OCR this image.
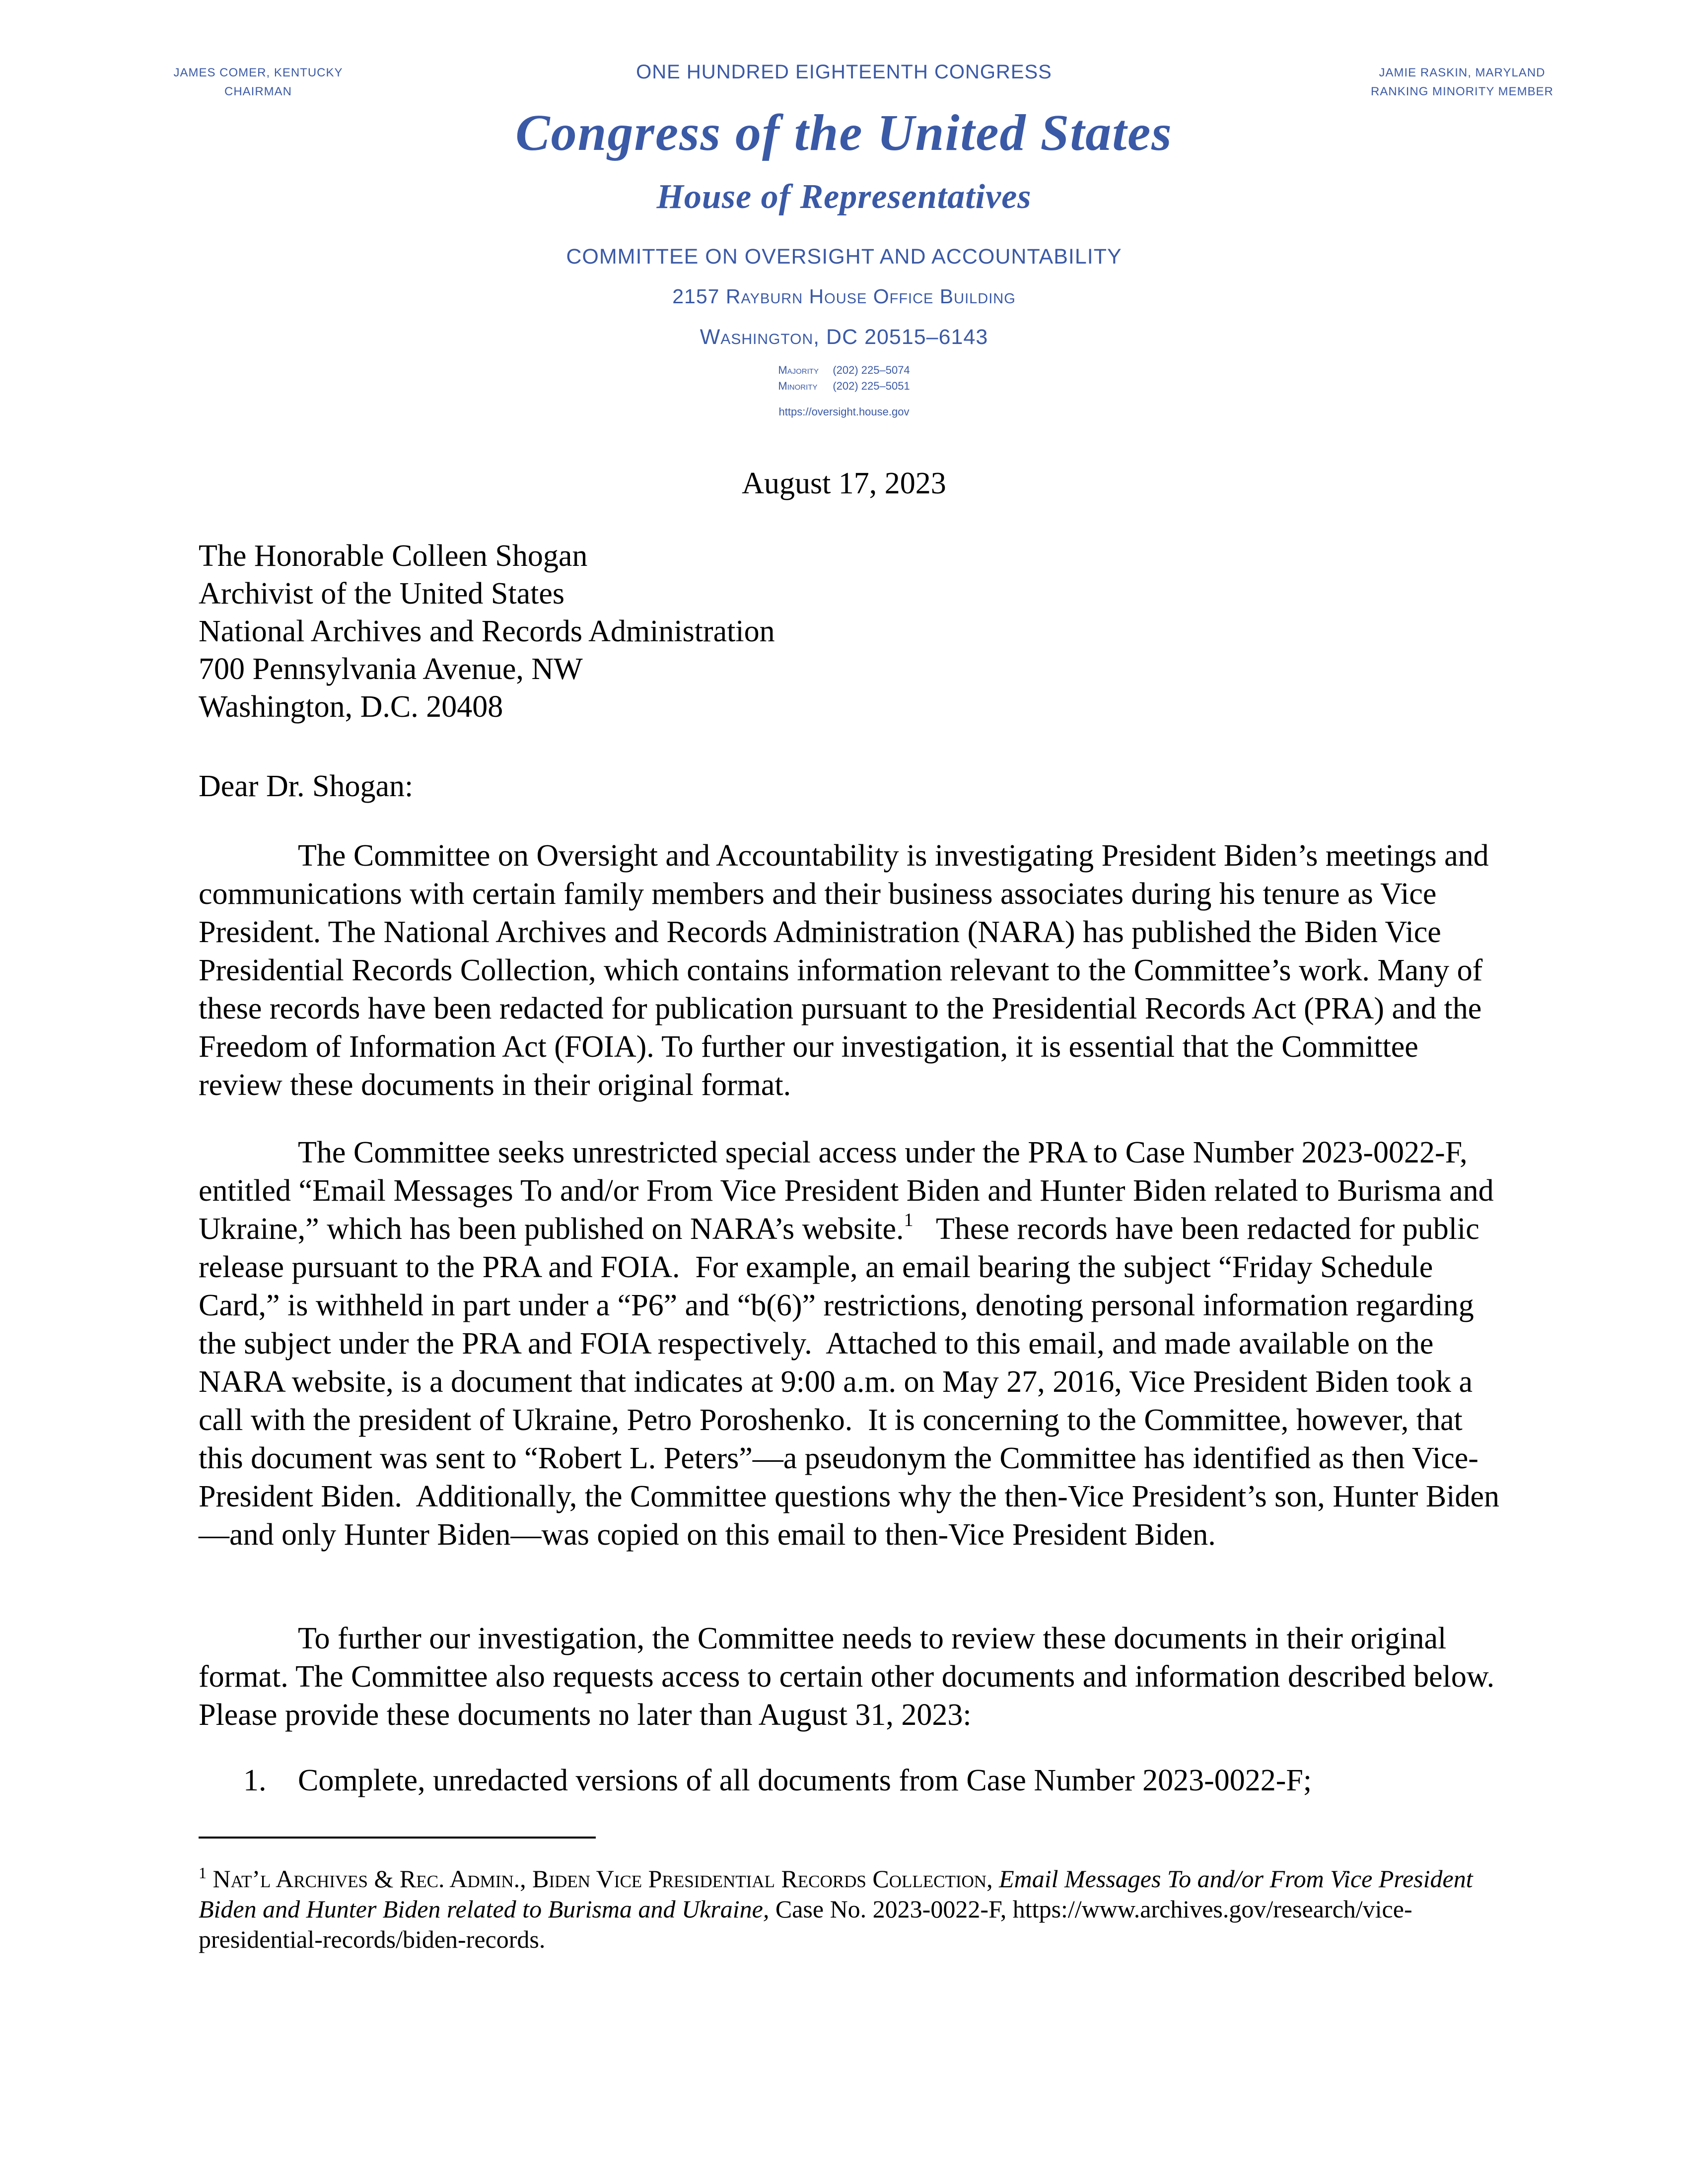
JAMES COMER, KENTUCKY
CHAIRMAN
JAMIE RASKIN, MARYLAND
RANKING MINORITY MEMBER
ONE HUNDRED EIGHTEENTH CONGRESS
Congress of the United States
House of Representatives
COMMITTEE ON OVERSIGHT AND ACCOUNTABILITY
2157 Rayburn House Office Building
Washington, DC 20515–6143
Majority (202) 225–5074
Minority (202) 225–5051
https://oversight.house.gov
August 17, 2023
The Honorable Colleen Shogan
Archivist of the United States
National Archives and Records Administration
700 Pennsylvania Avenue, NW
Washington, D.C. 20408
Dear Dr. Shogan:
The Committee on Oversight and Accountability is investigating President Biden’s meetings and communications with certain family members and their business associates during his tenure as Vice President. The National Archives and Records Administration (NARA) has published the Biden Vice Presidential Records Collection, which contains information relevant to the Committee’s work. Many of these records have been redacted for publication pursuant to the Presidential Records Act (PRA) and the Freedom of Information Act (FOIA). To further our investigation, it is essential that the Committee review these documents in their original format.
The Committee seeks unrestricted special access under the PRA to Case Number 2023-0022-F, entitled “Email Messages To and/or From Vice President Biden and Hunter Biden related to Burisma and Ukraine,” which has been published on NARA’s website.$^1$   These records have been redacted for public release pursuant to the PRA and FOIA.  For example, an email bearing the subject “Friday Schedule Card,” is withheld in part under a “P6” and “b(6)” restrictions, denoting personal information regarding the subject under the PRA and FOIA respectively.  Attached to this email, and made available on the NARA website, is a document that indicates at 9:00 a.m. on May 27, 2016, Vice President Biden took a call with the president of Ukraine, Petro Poroshenko.  It is concerning to the Committee, however, that this document was sent to “Robert L. Peters”—a pseudonym the Committee has identified as then Vice-President Biden.  Additionally, the Committee questions why the then-Vice President’s son, Hunter Biden—and only Hunter Biden—was copied on this email to then-Vice President Biden.
To further our investigation, the Committee needs to review these documents in their original format. The Committee also requests access to certain other documents and information described below. Please provide these documents no later than August 31, 2023:
1. Complete, unredacted versions of all documents from Case Number 2023-0022-F;
$^1$ Nat’l Archives & Rec. Admin., Biden Vice Presidential Records Collection, Email Messages To and/or From Vice President Biden and Hunter Biden related to Burisma and Ukraine, Case No. 2023-0022-F, https://www.archives.gov/research/vice-presidential-records/biden-records.
